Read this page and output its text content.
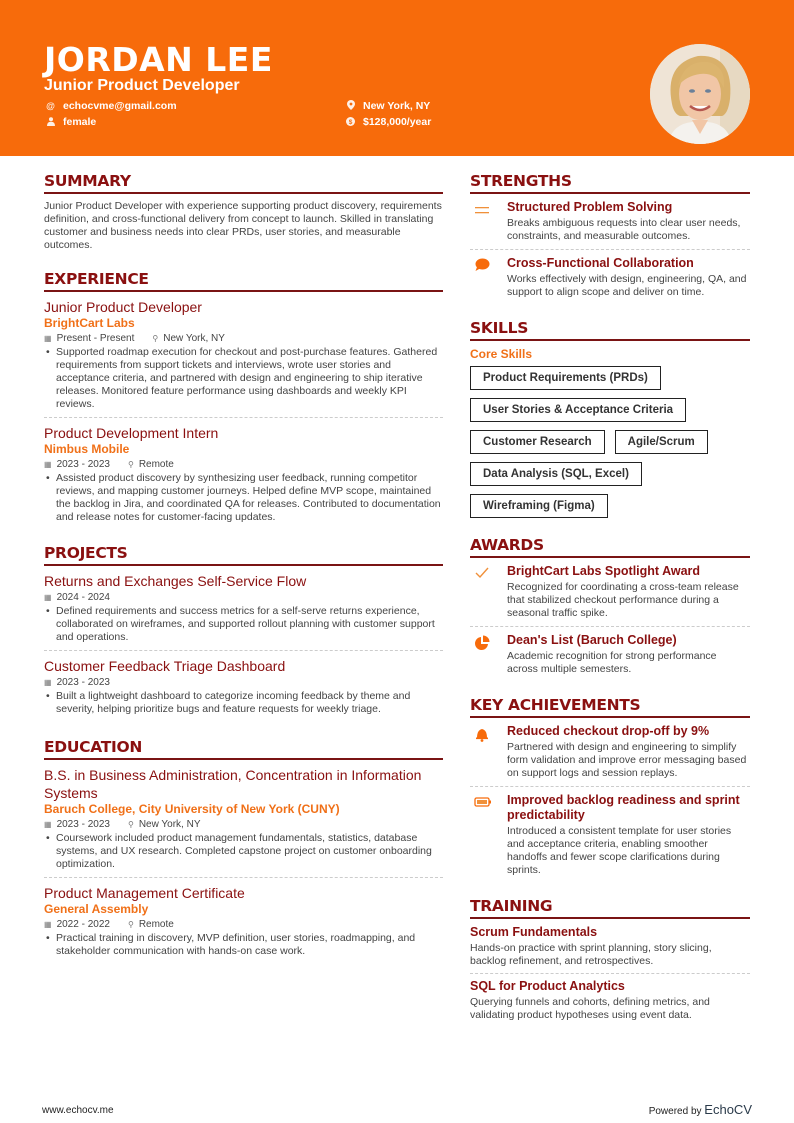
JORDAN LEE
Junior Product Developer
@ echocvme@gmail.com
female
New York, NY
$ $128,000/year
SUMMARY
Junior Product Developer with experience supporting product discovery, requirements definition, and cross-functional delivery from concept to launch. Skilled in translating customer and business needs into clear PRDs, user stories, and measurable outcomes.
EXPERIENCE
Junior Product Developer
BrightCart Labs
▦ Present - Present ⚲ New York, NY
• Supported roadmap execution for checkout and post-purchase features. Gathered requirements from support tickets and interviews, wrote user stories and acceptance criteria, and partnered with design and engineering to ship iterative releases. Monitored feature performance using dashboards and weekly KPI reviews.
Product Development Intern
Nimbus Mobile
▦ 2023 - 2023 ⚲ Remote
• Assisted product discovery by synthesizing user feedback, running competitor reviews, and mapping customer journeys. Helped define MVP scope, maintained the backlog in Jira, and coordinated QA for releases. Contributed to documentation and release notes for customer-facing updates.
PROJECTS
Returns and Exchanges Self-Service Flow
▦ 2024 - 2024
• Defined requirements and success metrics for a self-serve returns experience, collaborated on wireframes, and supported rollout planning with customer support and operations.
Customer Feedback Triage Dashboard
▦ 2023 - 2023
• Built a lightweight dashboard to categorize incoming feedback by theme and severity, helping prioritize bugs and feature requests for weekly triage.
EDUCATION
B.S. in Business Administration, Concentration in Information Systems
Baruch College, City University of New York (CUNY)
▦ 2023 - 2023 ⚲ New York, NY
• Coursework included product management fundamentals, statistics, database systems, and UX research. Completed capstone project on customer onboarding optimization.
Product Management Certificate
General Assembly
▦ 2022 - 2022 ⚲ Remote
• Practical training in discovery, MVP definition, user stories, roadmapping, and stakeholder communication with hands-on case work.
STRENGTHS
Structured Problem Solving
Breaks ambiguous requests into clear user needs, constraints, and measurable outcomes.
Cross-Functional Collaboration
Works effectively with design, engineering, QA, and support to align scope and deliver on time.
SKILLS
Core Skills
Product Requirements (PRDs)
User Stories & Acceptance Criteria
Customer Research	Agile/Scrum
Data Analysis (SQL, Excel)
Wireframing (Figma)
AWARDS
BrightCart Labs Spotlight Award
Recognized for coordinating a cross-team release that stabilized checkout performance during a seasonal traffic spike.
Dean's List (Baruch College)
Academic recognition for strong performance across multiple semesters.
KEY ACHIEVEMENTS
Reduced checkout drop-off by 9%
Partnered with design and engineering to simplify form validation and improve error messaging based on support logs and session replays.
Improved backlog readiness and sprint predictability
Introduced a consistent template for user stories and acceptance criteria, enabling smoother handoffs and fewer scope clarifications during sprints.
TRAINING
Scrum Fundamentals
Hands-on practice with sprint planning, story slicing, backlog refinement, and retrospectives.
SQL for Product Analytics
Querying funnels and cohorts, defining metrics, and validating product hypotheses using event data.
www.echocv.me	Powered by EchoCV
